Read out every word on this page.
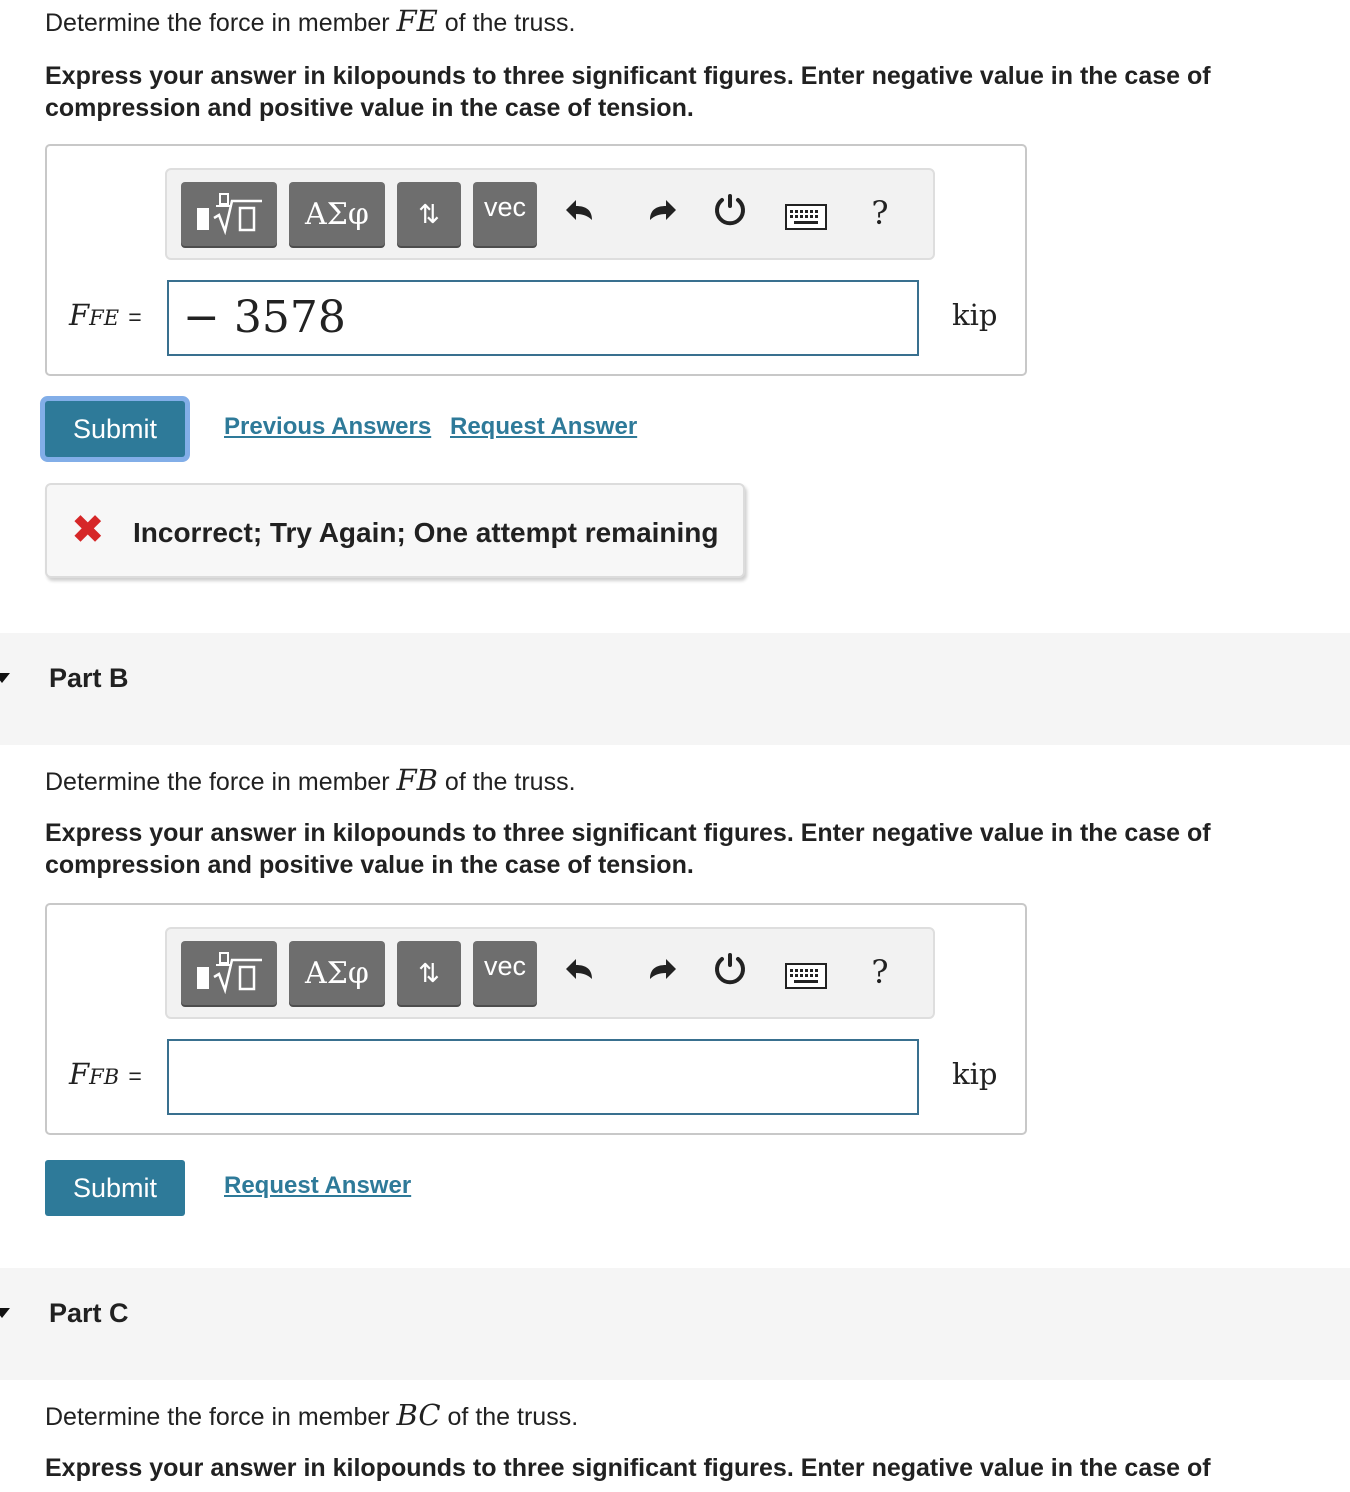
Determine the force in member FE of the truss.

Express your answer in kilopounds to three significant figures. Enter negative value in the case of compression and positive value in the case of tension.

ΑΣφ	⇅	vec	?
FFE = − 3578	kip
Submit	Previous Answers Request Answer
✖ Incorrect; Try Again; One attempt remaining
Part B

Determine the force in member FB of the truss.

Express your answer in kilopounds to three significant figures. Enter negative value in the case of compression and positive value in the case of tension.

ΑΣφ	⇅	vec	?
FFB =	kip
Submit	Request Answer
Part C

Determine the force in member BC of the truss.

Express your answer in kilopounds to three significant figures. Enter negative value in the case of
